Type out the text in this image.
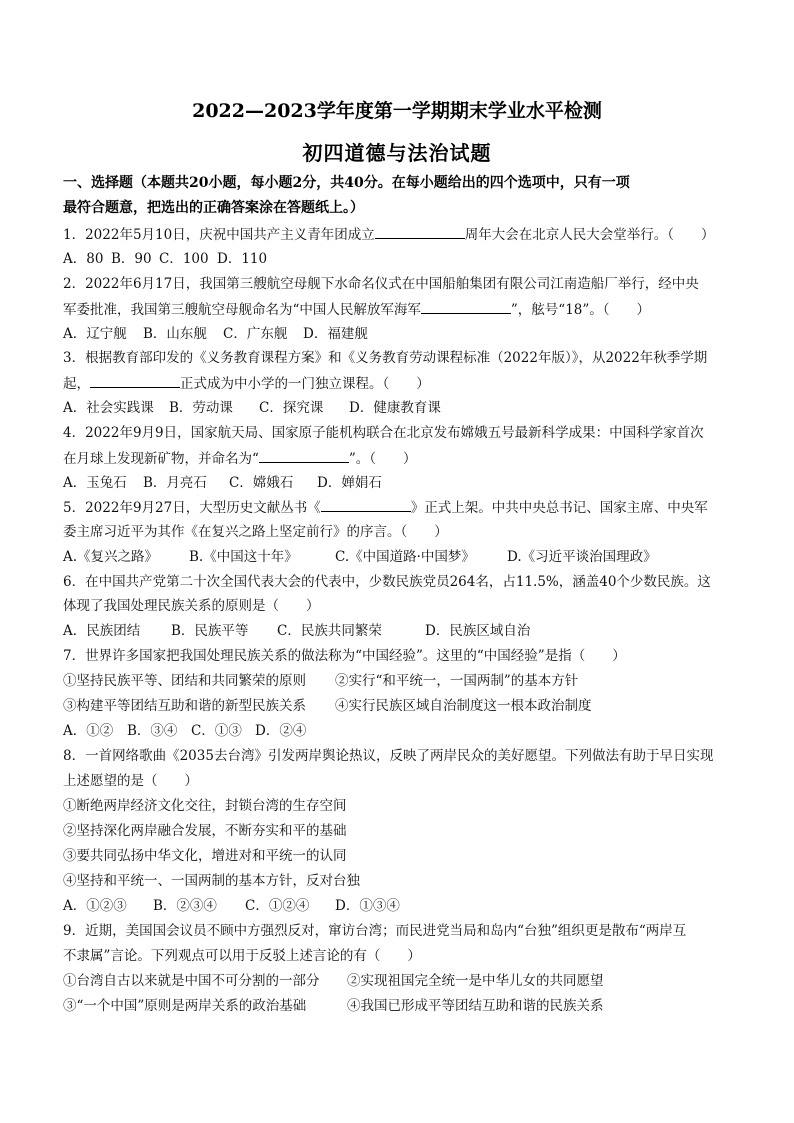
2022—2023学年度第一学期期末学业水平检测
初四道德与法治试题
一、选择题（本题共20小题，每小题2分，共40分。在每小题给出的四个选项中，只有一项
最符合题意，把选出的正确答案涂在答题纸上。）
1．2022年5月10日，庆祝中国共产主义青年团成立	周年大会在北京人民大会堂举行。（　　）
A．80 B．90 C．100 D．110
2．2022年6月17日，我国第三艘航空母舰下水命名仪式在中国船舶集团有限公司江南造船厂举行，经中央
军委批准，我国第三艘航空母舰命名为“中国人民解放军海军	”，舷号“18”。（　　）
A．辽宁舰 B．山东舰 C．广东舰 D．福建舰
3．根据教育部印发的《义务教育课程方案》和《义务教育劳动课程标准（2022年版）》，从2022年秋季学期
起，	正式成为中小学的一门独立课程。（　　）
A．社会实践课 B．劳动课 C．探究课 D．健康教育课
4．2022年9月9日，国家航天局、国家原子能机构联合在北京发布嫦娥五号最新科学成果：中国科学家首次
在月球上发现新矿物，并命名为“	”。（　　）
A．玉兔石 B．月亮石 C．嫦娥石 D．婵娟石
5．2022年9月27日，大型历史文献丛书《	》正式上架。中共中央总书记、国家主席、中央军
委主席习近平为其作《在复兴之路上坚定前行》的序言。（　　）
A.《复兴之路》 B.《中国这十年》	C.《中国道路·中国梦》 D.《习近平谈治国理政》
6．在中国共产党第二十次全国代表大会的代表中，少数民族党员264名，占11.5%，涵盖40个少数民族。这
体现了我国处理民族关系的原则是（　　）
A．民族团结 B．民族平等 C．民族共同繁荣	D．民族区域自治
7．世界许多国家把我国处理民族关系的做法称为“中国经验”。这里的“中国经验”是指（　　）
①坚持民族平等、团结和共同繁荣的原则 ②实行“和平统一，一国两制”的基本方针
③构建平等团结互助和谐的新型民族关系 ④实行民族区域自治制度这一根本政治制度
A．①② B．③④ C．①③ D．②④
8．一首网络歌曲《2035去台湾》引发两岸舆论热议，反映了两岸民众的美好愿望。下列做法有助于早日实现
上述愿望的是（　　）
①断绝两岸经济文化交往，封锁台湾的生存空间
②坚持深化两岸融合发展，不断夯实和平的基础
③要共同弘扬中华文化，增进对和平统一的认同
④坚持和平统一、一国两制的基本方针，反对台独
A．①②③ B．②③④ C．①②④ D．①③④
9．近期，美国国会议员不顾中方强烈反对，窜访台湾；而民进党当局和岛内“台独”组织更是散布“两岸互
不隶属”言论。下列观点可以用于反驳上述言论的有（　　）
①台湾自古以来就是中国不可分割的一部分 ②实现祖国完全统一是中华儿女的共同愿望
③“一个中国”原则是两岸关系的政治基础	④我国已形成平等团结互助和谐的民族关系
